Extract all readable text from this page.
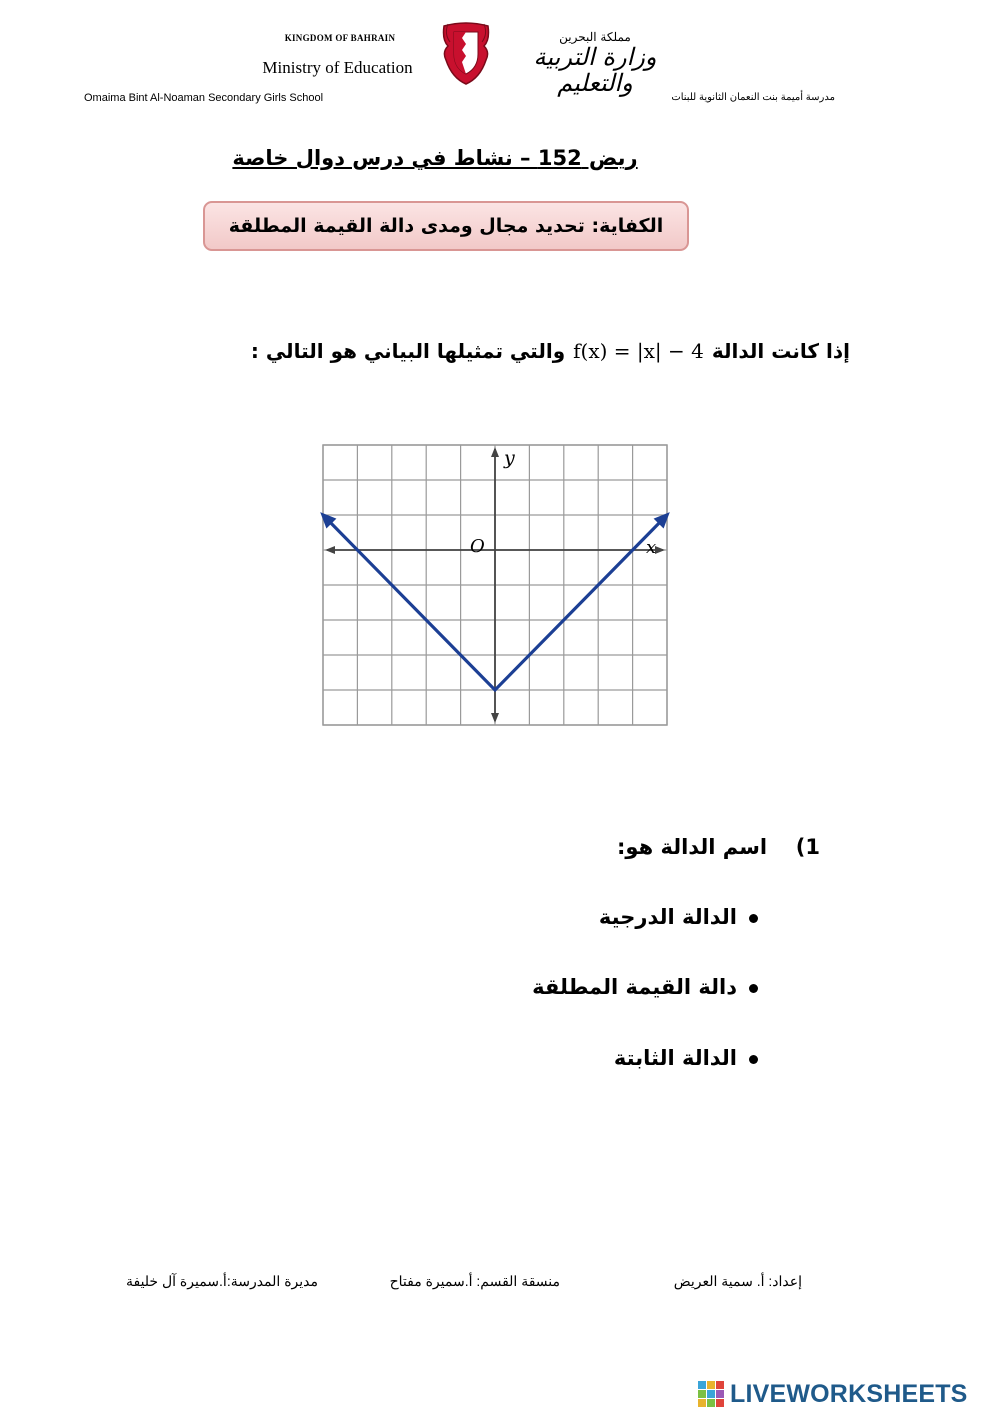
KINGDOM OF BAHRAIN
Ministry of Education
مملكة البحرين
وزارة التربية والتعليم
Omaima Bint Al-Noaman Secondary Girls School	مدرسة أميمة بنت النعمان الثانوية للبنات
ريض 152 – نشاط في درس دوال خاصة
الكفاية: تحديد مجال ومدى دالة القيمة المطلقة
والتي تمثيلها البياني هو التالي : f(x) = |x| − 4 إذا كانت الدالة
y
x
O
1)  اسم الدالة هو:
الدالة الدرجية
دالة القيمة المطلقة
الدالة الثابتة
إعداد: أ. سمية العريض
منسقة القسم: أ.سميرة مفتاح
مديرة المدرسة:أ.سميرة آل خليفة
LIVEWORKSHEETS
